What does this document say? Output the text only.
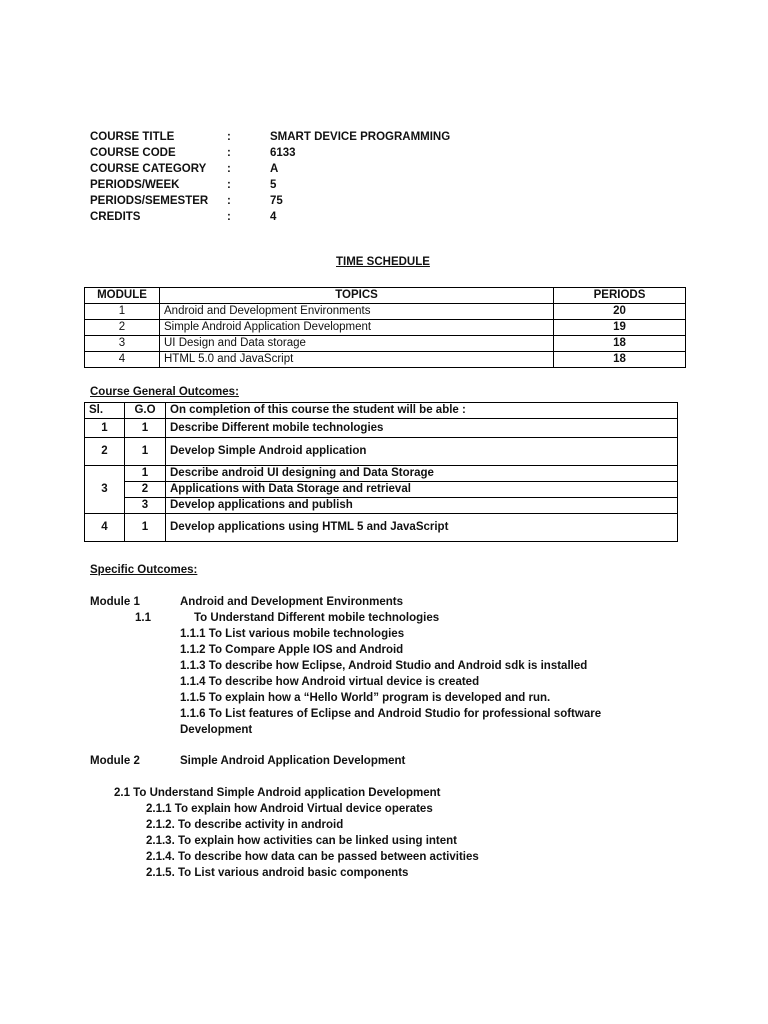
COURSE TITLE	:	SMART DEVICE PROGRAMMING
COURSE CODE	:	6133
COURSE CATEGORY :	A
PERIODS/WEEK	:	5
PERIODS/SEMESTER :	75
CREDITS	:	4
TIME SCHEDULE
MODULE	TOPICS	PERIODS
1	Android and Development Environments	20
2	Simple Android Application Development	19
3	UI Design and Data storage	18
4	HTML 5.0 and JavaScript	18
Course General Outcomes:
Sl.	G.O	On completion of this course the student will be able :
1	1	Describe Different mobile technologies
2	1	Develop Simple Android application
3	1	Describe android UI designing and Data Storage
	2	Applications with Data Storage and retrieval
	3	Develop applications and publish
4	1	Develop applications using HTML 5 and JavaScript
Specific Outcomes:
Module 1	Android and Development Environments
1.1	To Understand Different mobile technologies
1.1.1 To List various mobile technologies
1.1.2 To Compare Apple IOS and Android
1.1.3 To describe how Eclipse, Android Studio and Android sdk is installed
1.1.4 To describe how Android virtual device is created
1.1.5 To explain how a “Hello World” program is developed and run.
1.1.6 To List features of Eclipse and Android Studio for professional software
Development
Module 2	Simple Android Application Development
2.1 To Understand Simple Android application Development
2.1.1 To explain how Android Virtual device operates
2.1.2. To describe activity in android
2.1.3. To explain how activities can be linked using intent
2.1.4. To describe how data can be passed between activities
2.1.5. To List various android basic components
